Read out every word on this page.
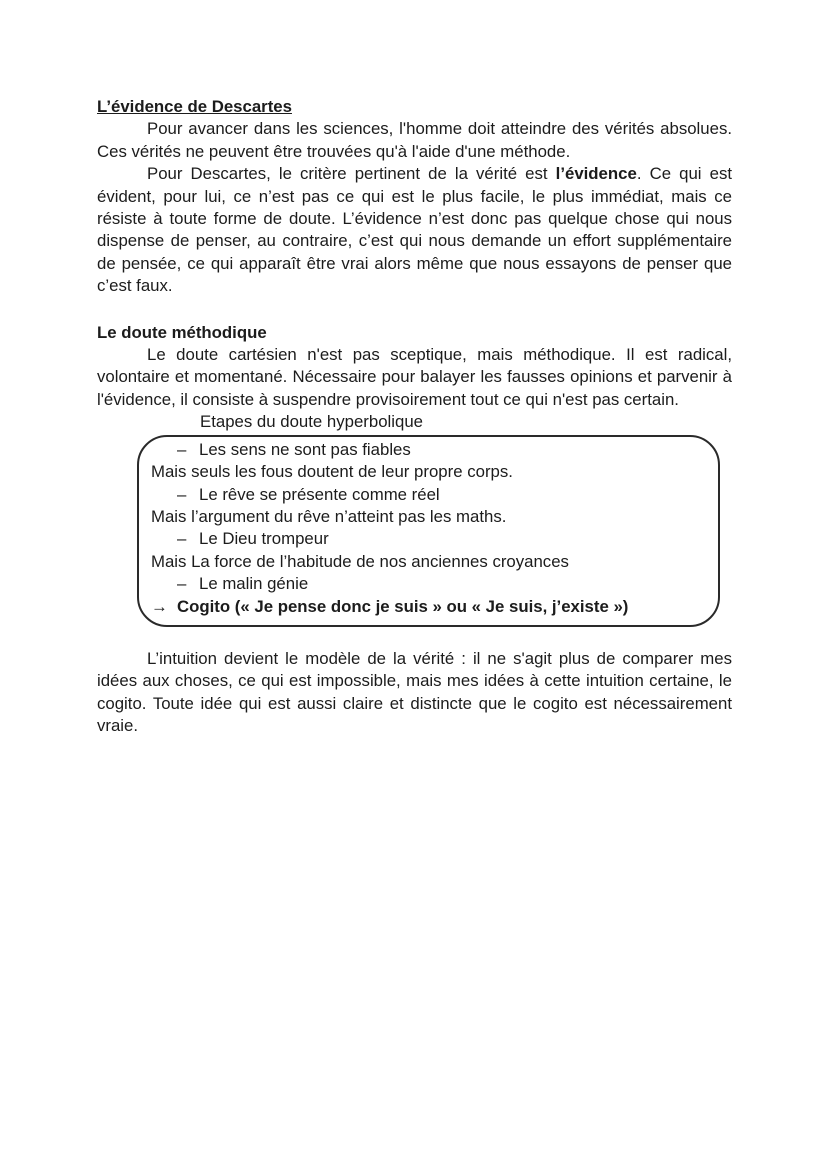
L’évidence de Descartes

Pour avancer dans les sciences, l'homme doit atteindre des vérités absolues. Ces vérités ne peuvent être trouvées qu'à l'aide d'une méthode.

Pour Descartes, le critère pertinent de la vérité est l’évidence. Ce qui est évident, pour lui, ce n’est pas ce qui est le plus facile, le plus immédiat, mais ce résiste à toute forme de doute. L’évidence n’est donc pas quelque chose qui nous dispense de penser, au contraire, c’est qui nous demande un effort supplémentaire de pensée, ce qui apparaît être vrai alors même que nous essayons de penser que c’est faux.

Le doute méthodique

Le doute cartésien n'est pas sceptique, mais méthodique. Il est radical, volontaire et momentané. Nécessaire pour balayer les fausses opinions et parvenir à l'évidence, il consiste à suspendre provisoirement tout ce qui n'est pas certain.

Etapes du doute hyperbolique

– Les sens ne sont pas fiables
Mais seuls les fous doutent de leur propre corps.
– Le rêve se présente comme réel
Mais l’argument du rêve n’atteint pas les maths.
– Le Dieu trompeur
Mais La force de l’habitude de nos anciennes croyances
– Le malin génie
→ Cogito (« Je pense donc je suis » ou « Je suis, j’existe »)

L’intuition devient le modèle de la vérité : il ne s'agit plus de comparer mes idées aux choses, ce qui est impossible, mais mes idées à cette intuition certaine, le cogito. Toute idée qui est aussi claire et distincte que le cogito est nécessairement vraie.
